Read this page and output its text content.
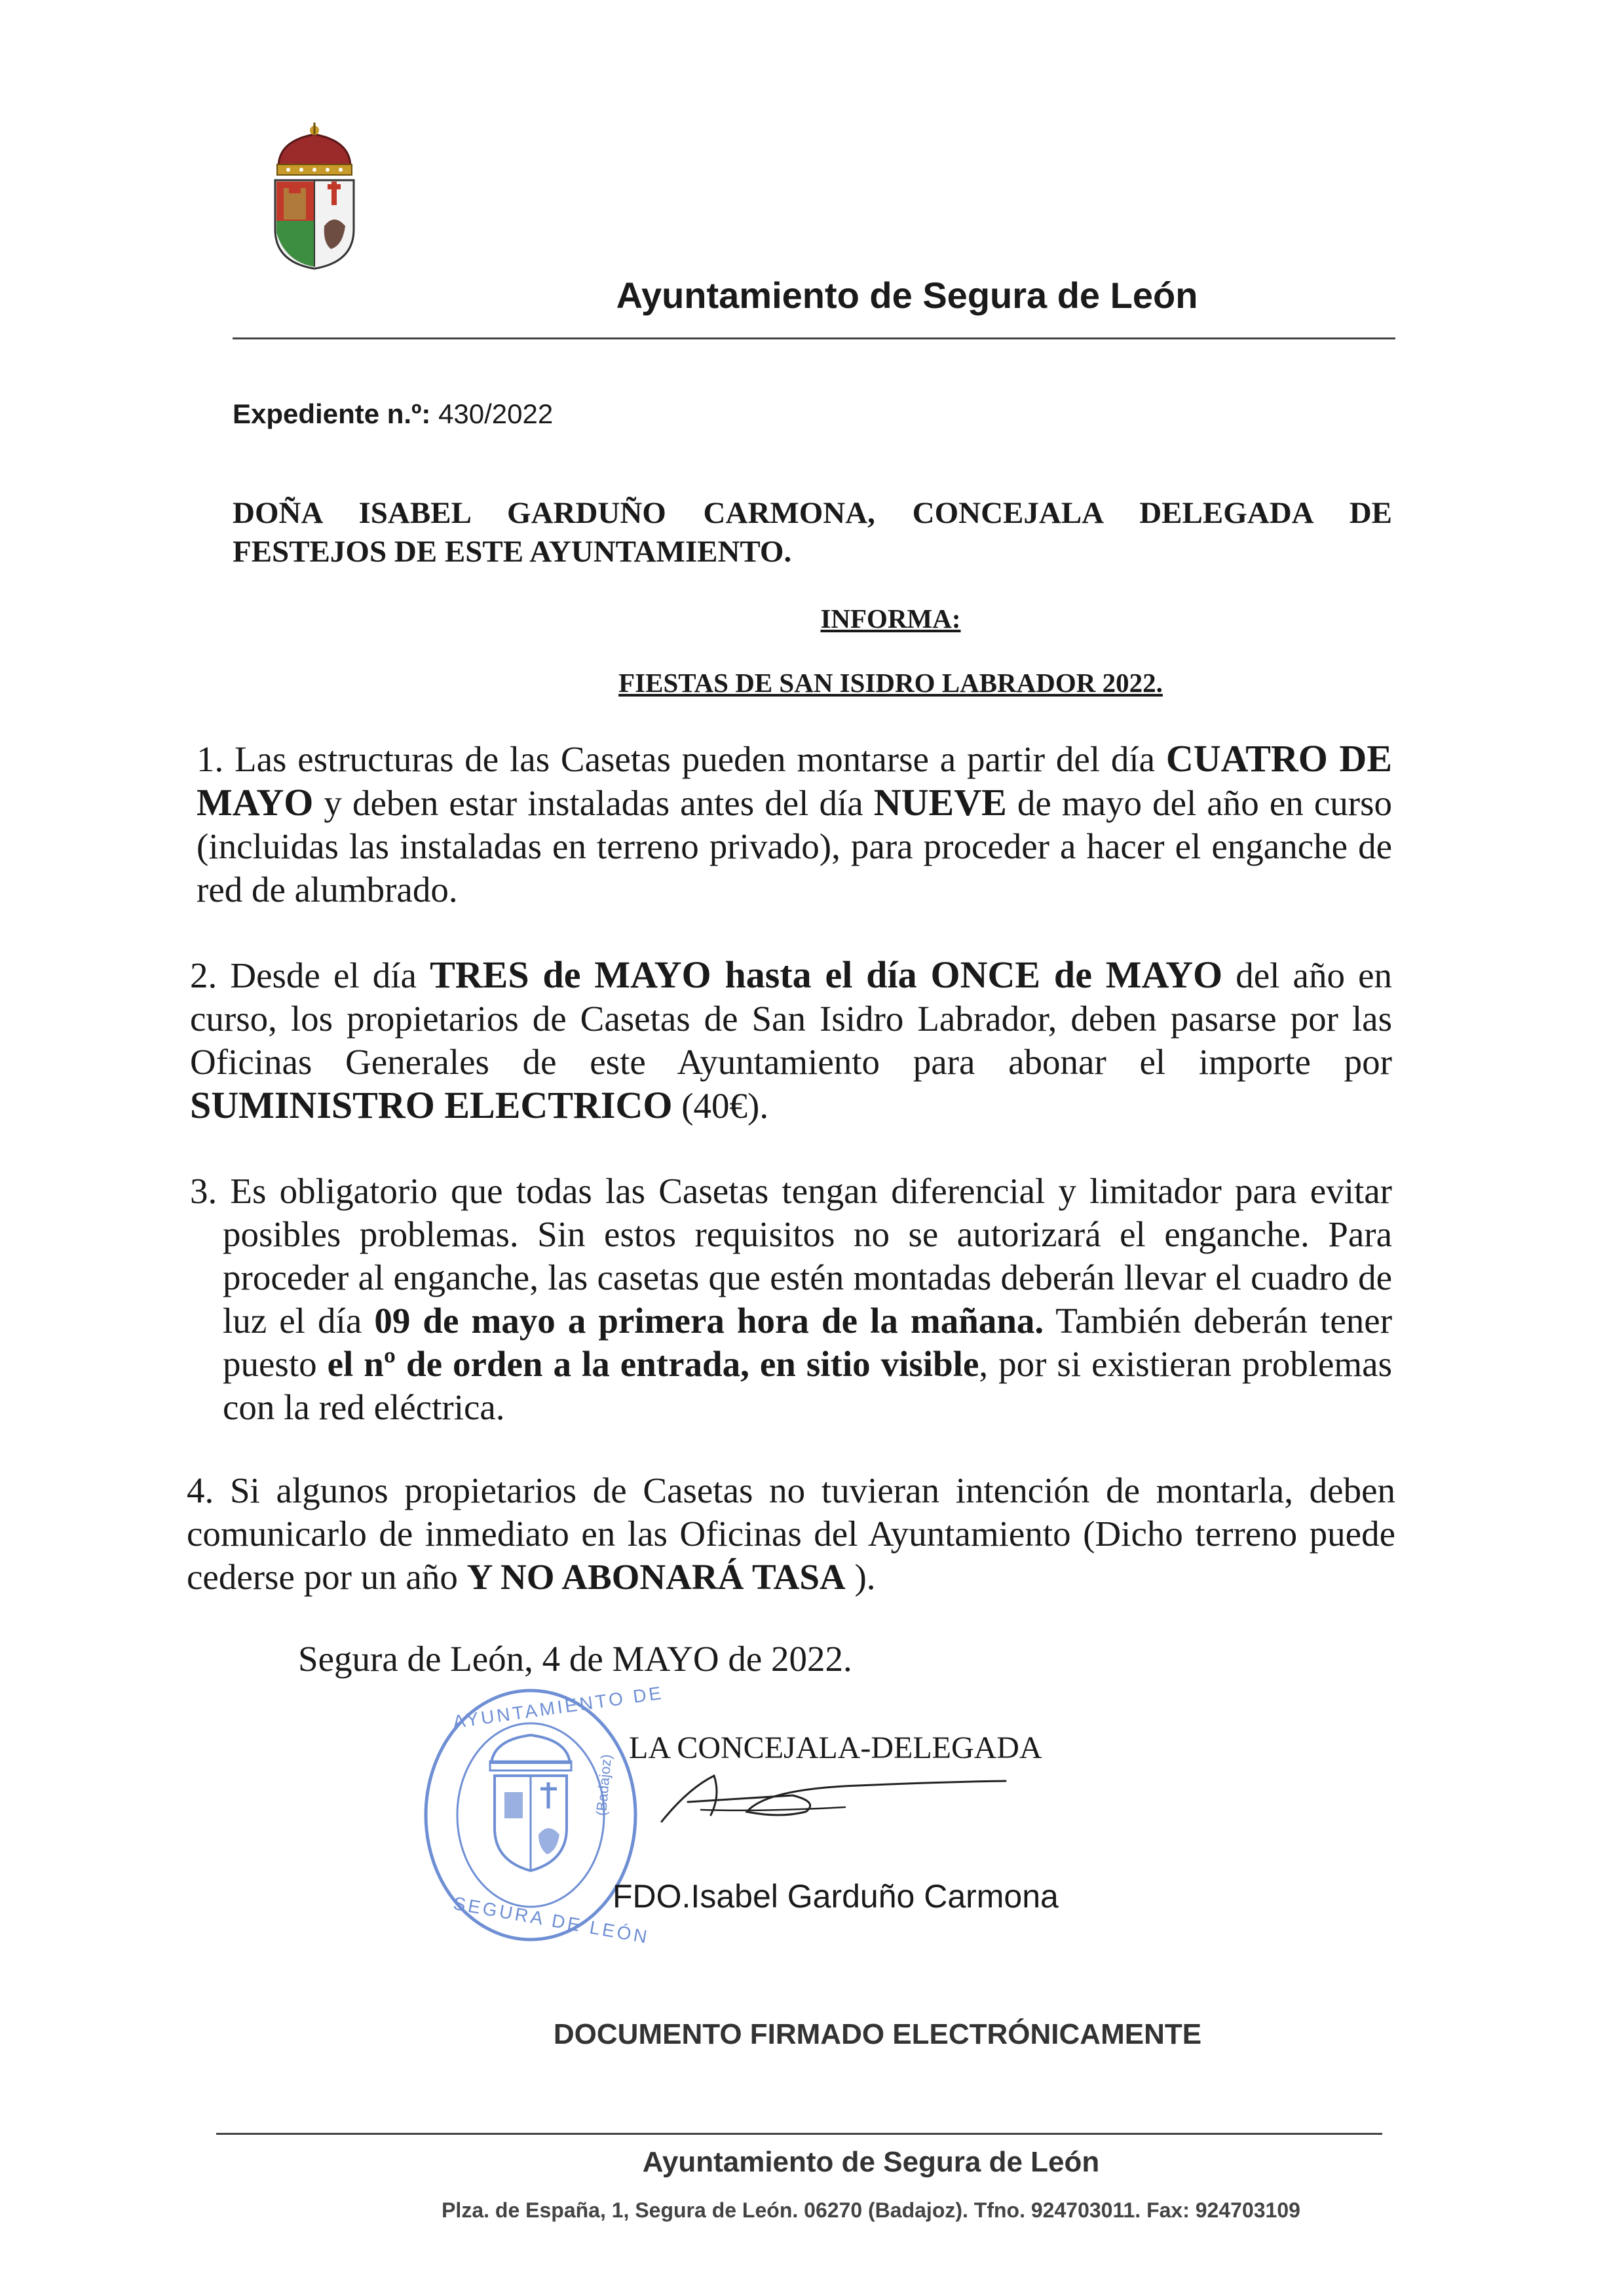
Ayuntamiento de Segura de León
Expediente n.º: 430/2022
DOÑA ISABEL GARDUÑO CARMONA, CONCEJALA DELEGADA DE
FESTEJOS DE ESTE AYUNTAMIENTO.
INFORMA:
FIESTAS DE SAN ISIDRO LABRADOR 2022.
1. Las estructuras de las Casetas pueden montarse a partir del día CUATRO DE MAYO y deben estar instaladas antes del día NUEVE de mayo del año en curso (incluidas las instaladas en terreno privado), para proceder a hacer el enganche de red de alumbrado.
2. Desde el día TRES de MAYO hasta el día ONCE de MAYO del año en curso, los propietarios de Casetas de San Isidro Labrador, deben pasarse por las Oficinas Generales de este Ayuntamiento para abonar el importe por SUMINISTRO ELECTRICO (40€).
3. Es obligatorio que todas las Casetas tengan diferencial y limitador para evitar posibles problemas. Sin estos requisitos no se autorizará el enganche. Para proceder al enganche, las casetas que estén montadas deberán llevar el cuadro de luz el día 09 de mayo a primera hora de la mañana. También deberán tener puesto el nº de orden a la entrada, en sitio visible, por si existieran problemas con la red eléctrica.
4. Si algunos propietarios de Casetas no tuvieran intención de montarla, deben comunicarlo de inmediato en las Oficinas del Ayuntamiento (Dicho terreno puede cederse por un año Y NO ABONARÁ TASA ).
Segura de León, 4 de MAYO de 2022.
AYUNTAMIENTO DE
(Badajoz)
SEGURA DE LEÓN
LA CONCEJALA-DELEGADA
FDO.Isabel Garduño Carmona
DOCUMENTO FIRMADO ELECTRÓNICAMENTE
Ayuntamiento de Segura de León
Plza. de España, 1, Segura de León. 06270 (Badajoz). Tfno. 924703011. Fax: 924703109
